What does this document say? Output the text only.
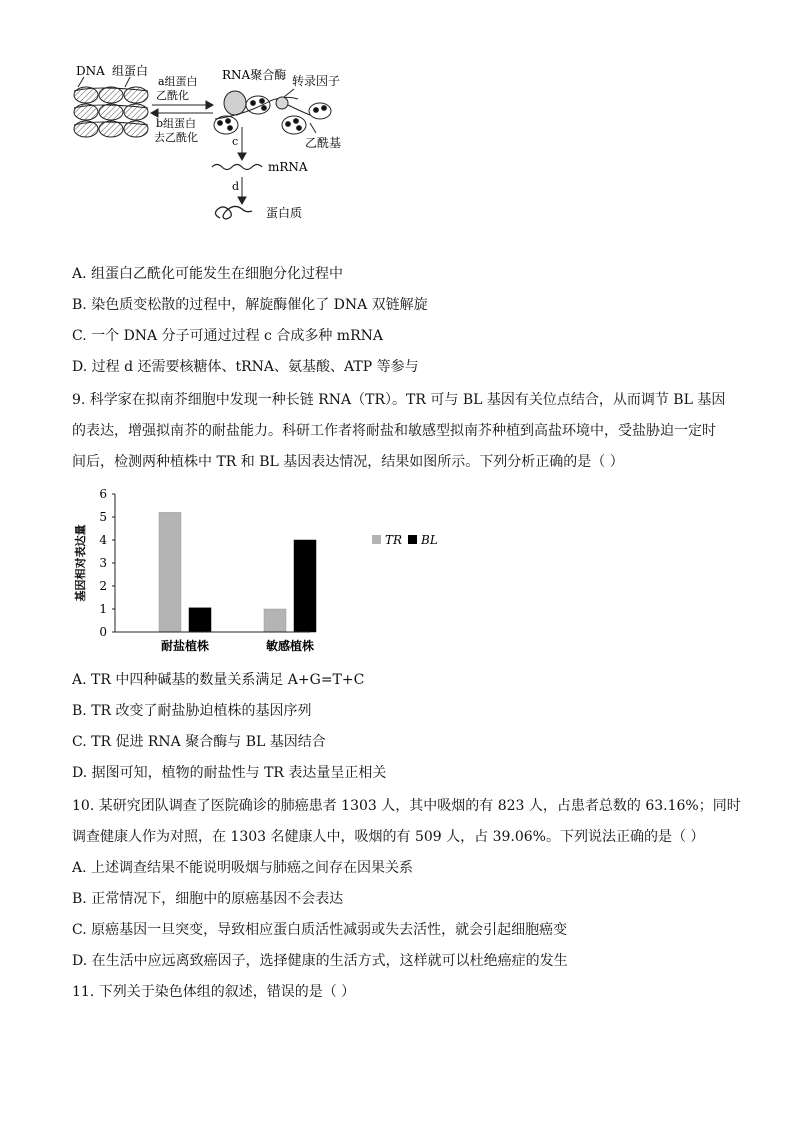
DNA 组蛋白
a组蛋白
乙酰化
b组蛋白
去乙酰化
RNA聚合酶 转录因子
乙酰基
c
mRNA
d
蛋白质
A. 组蛋白乙酰化可能发生在细胞分化过程中
B. 染色质变松散的过程中，解旋酶催化了 DNA 双链解旋
C. 一个 DNA 分子可通过过程 c 合成多种 mRNA
D. 过程 d 还需要核糖体、tRNA、氨基酸、ATP 等参与
9. 科学家在拟南芥细胞中发现一种长链 RNA（TR）。TR 可与 BL 基因有关位点结合，从而调节 BL 基因
的表达，增强拟南芥的耐盐能力。科研工作者将耐盐和敏感型拟南芥种植到高盐环境中，受盐胁迫一定时
间后，检测两种植株中 TR 和 BL 基因表达情况，结果如图所示。下列分析正确的是（ ）
0
1
2
3
4
5
6
耐盐植株	敏感植株
基因相对表达量	TR BL
A. TR 中四种碱基的数量关系满足 A+G=T+C
B. TR 改变了耐盐胁迫植株的基因序列
C. TR 促进 RNA 聚合酶与 BL 基因结合
D. 据图可知，植物的耐盐性与 TR 表达量呈正相关
10. 某研究团队调查了医院确诊的肺癌患者 1303 人，其中吸烟的有 823 人，占患者总数的 63.16%；同时
调查健康人作为对照，在 1303 名健康人中，吸烟的有 509 人，占 39.06%。下列说法正确的是（ ）
A. 上述调查结果不能说明吸烟与肺癌之间存在因果关系
B. 正常情况下，细胞中的原癌基因不会表达
C. 原癌基因一旦突变，导致相应蛋白质活性减弱或失去活性，就会引起细胞癌变
D. 在生活中应远离致癌因子，选择健康的生活方式，这样就可以杜绝癌症的发生
11. 下列关于染色体组的叙述，错误的是（ ）
